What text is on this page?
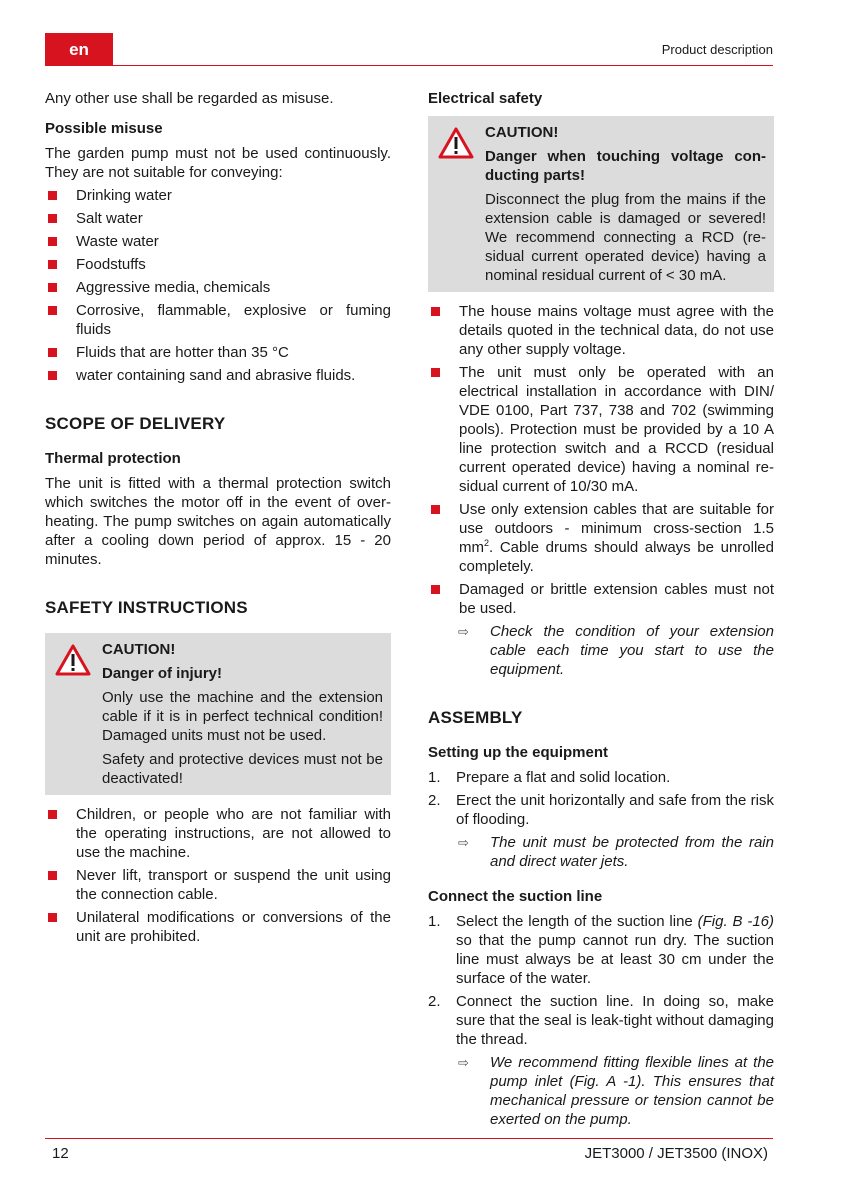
en	Product description

Any other use shall be regarded as misuse.

Possible misuse

The garden pump must not be used continuously. They are not suitable for conveying:

Drinking water
Salt water
Waste water
Foodstuffs
Aggressive media, chemicals
Corrosive, flammable, explosive or fuming fluids
Fluids that are hotter than 35 °C
water containing sand and abrasive fluids.
SCOPE OF DELIVERY

Thermal protection

The unit is fitted with a thermal protection switch which switches the motor off in the event of overheating. The pump switches on again automatically after a cooling down period of approx. 15 - 20 minutes.

SAFETY INSTRUCTIONS
CAUTION!
Danger of injury!
Only use the machine and the extension cable if it is in perfect technical condition! Damaged units must not be used.
Safety and protective devices must not be deactivated!
Children, or people who are not familiar with the operating instructions, are not allowed to use the machine.
Never lift, transport or suspend the unit using the connection cable.
Unilateral modifications or conversions of the unit are prohibited.

Electrical safety

CAUTION!
Danger when touching voltage conducting parts!
Disconnect the plug from the mains if the extension cable is damaged or severed! We recommend connecting a RCD (residual current operated device) having a nominal residual current of < 30 mA.
The house mains voltage must agree with the details quoted in the technical data, do not use any other supply voltage.
The unit must only be operated with an electrical installation in accordance with DIN/ VDE 0100, Part 737, 738 and 702 (swimming pools). Protection must be provided by a 10 A line protection switch and a RCCD (residual current operated device) having a nominal residual current of 10/30 mA.
Use only extension cables that are suitable for use outdoors - minimum cross-section 1.5 $mm^2$. Cable drums should always be unrolled completely.
Damaged or brittle extension cables must not be used.
⇨ Check the condition of your extension cable each time you start to use the equipment.
ASSEMBLY

Setting up the equipment

1. Prepare a flat and solid location.
2. Erect the unit horizontally and safe from the risk of flooding.
⇨ The unit must be protected from the rain and direct water jets.

Connect the suction line

1. Select the length of the suction line (Fig. B -16) so that the pump cannot run dry. The suction line must always be at least 30 cm under the surface of the water.
2. Connect the suction line. In doing so, make sure that the seal is leak-tight without damaging the thread.
⇨ We recommend fitting flexible lines at the pump inlet (Fig. A -1). This ensures that mechanical pressure or tension cannot be exerted on the pump.
12	JET3000 / JET3500 (INOX)
